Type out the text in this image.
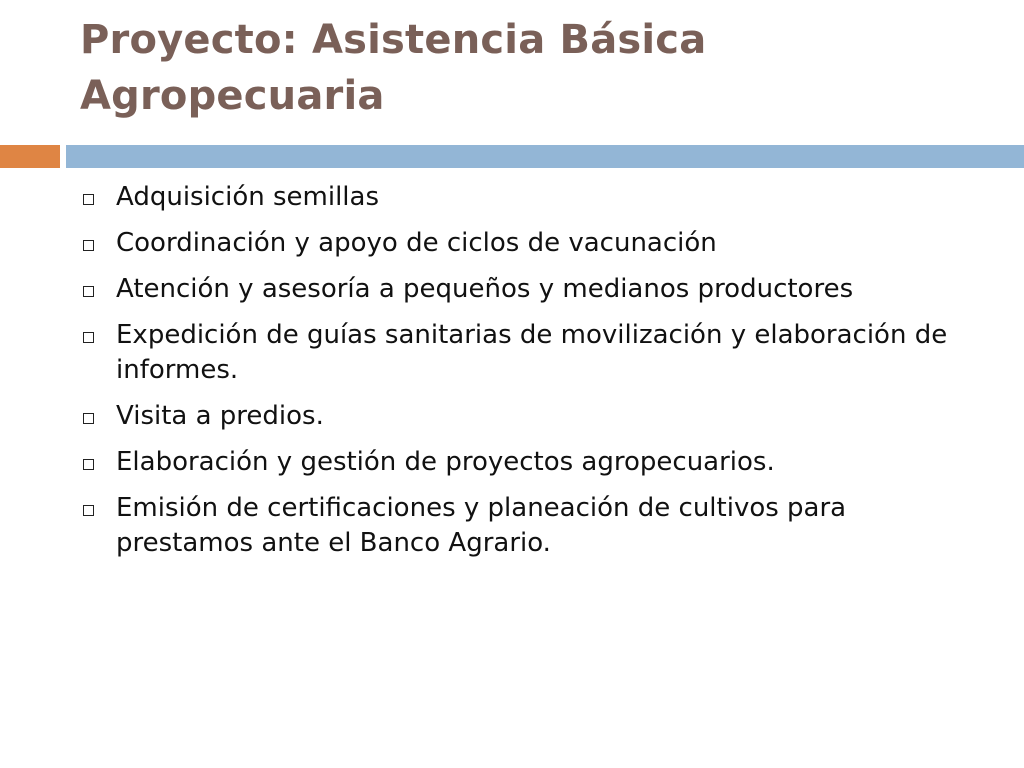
Proyecto: Asistencia Básica
Agropecuaria
Adquisición semillas
Coordinación y apoyo de ciclos de vacunación
Atención y asesoría a pequeños y medianos productores
Expedición de guías sanitarias de movilización y elaboración de informes.
Visita a predios.
Elaboración y gestión de proyectos agropecuarios.
Emisión de certificaciones y planeación de cultivos para prestamos ante el Banco Agrario.
